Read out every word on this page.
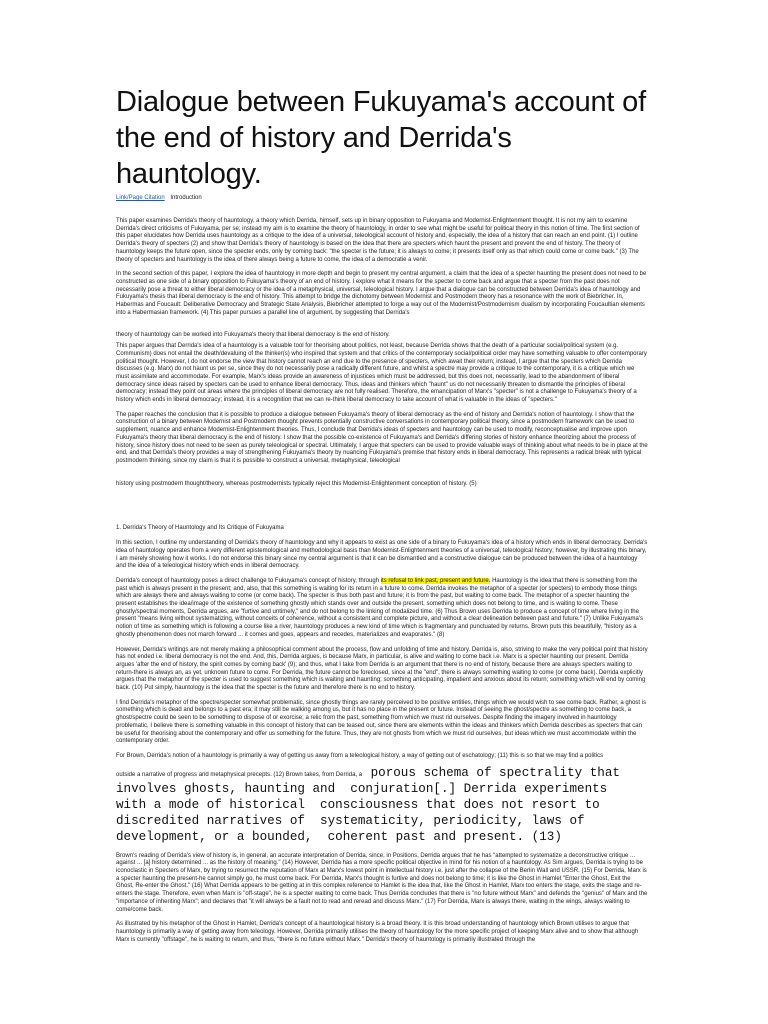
Dialogue between Fukuyama's account of the end of history and Derrida's hauntology.
Link/Page Citation Introduction

This paper examines Derrida's theory of hauntology, a theory which Derrida, himself, sets up in binary opposition to Fukuyama and Modernist-Enlightenment thought. It is not my aim to examine Derrida's direct criticisms of Fukuyama, per se; instead my aim is to examine the theory of hauntology, in order to see what might be useful for political theory in this notion of time. The first section of this paper elucidates how Derrida uses hauntology as a critique to the idea of a universal, teleological account of history and, especially, the idea of a history that can reach an end point. (1) I outline Derrida's theory of specters (2) and show that Derrida's theory of hauntology is based on the idea that there are specters which haunt the present and prevent the end of history. The theory of hauntology keeps the future open, since the specter ends, only by coming back: "the specter is the future; it is always to come; it presents itself only as that which could come or come back." (3) The theory of specters and hauntology is the idea of there always being a future to come, the idea of a democratie a venir.

In the second section of this paper, I explore the idea of hauntology in more depth and begin to present my central argument, a claim that the idea of a specter haunting the present does not need to be constructed as one side of a binary opposition to Fukuyama's theory of an end of history. I explore what it means for the specter to come back and argue that a specter from the past does not necessarily pose a threat to either liberal democracy or the idea of a metaphysical, universal, teleological history. I argue that a dialogue can be constructed between Derrida's idea of hauntology and Fukuyama's thesis that liberal democracy is the end of history. This attempt to bridge the dichotomy between Modernist and Postmodern theory has a resonance with the work of Biebricher. In, Habermas and Foucault: Deliberative Democracy and Strategic State Analysis, Biebricher attempted to forge a way out of the Modernist/Postmodernism dualism by incorporating Foucaultian elements into a Habermasian framework. (4) This paper pursues a parallel line of argument, by suggesting that Derrida's

theory of hauntology can be worked into Fukuyama's theory that liberal democracy is the end of history.

This paper argues that Derrida's idea of a hauntology is a valuable tool for theorising about politics, not least, because Derrida shows that the death of a particular social/political system (e.g. Communism) does not entail the death/devaluing of the thinker(s) who inspired that system and that critics of the contemporary social/political order may have something valuable to offer contemporary political thought. However, I do not endorse the view that history cannot reach an end due to the presence of specters, which await their return; instead, I argue that the specters which Derrida discusses (e.g. Marx) do not haunt us per se, since they do not necessarily pose a radically different future, and whilst a spectre may provide a critique to the contemporary, it is a critique which we must assimilate and accommodate. For example, Marx's ideas provide an awareness of injustices which must be addressed, but this does not, necessarily, lead to the abandonment of liberal democracy since ideas raised by specters can be used to enhance liberal democracy. Thus, ideas and thinkers which "haunt" us do not necessarily threaten to dismantle the principles of liberal democracy; instead they point out areas where the principles of liberal democracy are not fully realised. Therefore, the emancipation of Marx's "specter" is not a challenge to Fukuyama's theory of a history which ends in liberal democracy; instead, it is a recognition that we can re-think liberal democracy to take account of what is valuable in the ideas of "specters."

The paper reaches the conclusion that it is possible to produce a dialogue between Fukuyama's theory of liberal democracy as the end of history and Derrida's notion of hauntology. I show that the construction of a binary between Modernist and Postmodern thought prevents potentially constructive conversations in contemporary political theory, since a postmodern framework can be used to supplement, nuance and enhance Modernist-Enlightenment theories. Thus, I conclude that Derrida's ideas of specters and hauntology can be used to modify, reconceptualise and improve upon Fukuyama's theory that liberal democracy is the end of history. I show that the possible co-existence of Fukuyama's and Derrida's differing stories of history enhance theorizing about the process of history, since history does not need to be seen as purely teleological or spectral. Ultimately, I argue that specters can be used to provide valuable ways of thinking about what needs to be in place at the end, and that Derrida's theory provides a way of strengthening Fukuyama's theory by nuancing Fukuyama's premise that history ends in liberal democracy. This represents a radical break with typical postmodern thinking, since my claim is that it is possible to construct a universal, metaphysical, teleological

history using postmodern thought/theory, whereas postmodernists typically reject this Modernist-Enlightenment conception of history. (5)

1. Derrida's Theory of Hauntology and Its Critique of Fukuyama

In this section, I outline my understanding of Derrida's theory of hauntology and why it appears to exist as one side of a binary to Fukuyama's idea of a history which ends in liberal democracy. Derrida's idea of hauntology operates from a very different epistemological and methodological basis than Modernist-Enlightenment theories of a universal, teleological history; however, by illustrating this binary, I am merely showing how it works. I do not endorse this binary since my central argument is that it can be dismantled and a constructive dialogue can be produced between the idea of a hauntology and the idea of a teleological history which ends in liberal democracy.

Derrida's concept of hauntology poses a direct challenge to Fukuyama's concept of history, through its refusal to link past, present and future. Hauntology is the idea that there is something from the past which is always present in the present; and, also, that this something is waiting for its return in a future to come. Derrida invokes the metaphor of a specter (or specters) to embody those things which are always there and always waiting to come (or come back). The specter is thus both past and future; it is from the past, but waiting to come back. The metaphor of a specter haunting the present establishes the idea/image of the existence of something ghostly which stands over and outside the present, something which does not belong to time, and is waiting to come. These ghostly/spectral moments, Derrida argues, are "furtive and untimely," and do not belong to the linking of modalized time. (6) Thus Brown uses Derrida to produce a concept of time where living in the present "means living without systematizing, without conceits of coherence, without a consistent and complete picture, and without a clear delineation between past and future." (7) Unlike Fukuyama's notion of time as something which is following a course like a river, hauntology produces a new kind of time which is fragmentary and punctuated by returns. Brown puts this beautifully, "history as a ghostly phenomenon does not march forward ... it comes and goes, appears and recedes, materializes and evaporates." (8)

However, Derrida's writings are not merely making a philosophical comment about the process, flow and unfolding of time and history. Derrida is, also, striving to make the very political point that history has not ended i.e. liberal democracy is not the end. And, this, Derrida argues, is because Marx, in particular, is alive and waiting to come back i.e. Marx is a specter haunting our present. Derrida argues 'after the end of history, the spirit comes by coming back' (9); and thus, what I take from Derrida is an argument that there is no end of history, because there are always specters waiting to return-there is always an, as yet, unknown future to come. For Derrida, the future cannot be foreclosed, since at the "end", there is always something waiting to come (or come back). Derrida explicitly argues that the metaphor of the specter is used to suggest something which is waiting and haunting; something anticipating, impatient and anxious about its return; something which will end by coming back. (10) Put simply, hauntology is the idea that the specter is the future and therefore there is no end to history.

I find Derrida's metaphor of the spectre/specter somewhat problematic, since ghostly things are rarely perceived to be positive entities, things which we would wish to see come back. Rather, a ghost is something which is dead and belongs to a past era; it may still be walking among us, but it has no place in the present or future. Instead of seeing the ghost/spectre as something to come back, a ghost/spectre could be seen to be something to dispose of or exorcise; a relic from the past, something from which we must rid ourselves. Despite finding the imagery involved in hauntology problematic, I believe there is something valuable in this concept of history that can be teased out, since there are elements within the ideas and thinkers which Derrida describes as specters that can be useful for theorising about the contemporary and offer us something for the future. Thus, they are not ghosts from which we must rid ourselves, but ideas which we must accommodate within the contemporary order.

For Brown, Derrida's notion of a hauntology is primarily a way of getting us away from a teleological history, a way of getting out of eschatology; (11) this is so that we may find a politics

outside a narrative of progress and metaphysical precepts. (12) Brown takes, from Derrida, a porous schema of spectrality that
involves ghosts, haunting and  conjuration[.] Derrida experiments
with a mode of historical  consciousness that does not resort to
discredited narratives of  systematicity, periodicity, laws of
development, or a bounded,  coherent past and present. (13)

Brown's reading of Derrida's view of history is, in general, an accurate interpretation of Derrida, since, in Positions, Derrida argues that he has "attempted to systematize a deconstructive critique ... against ... [a] history determined ... as the history of meaning." (14) However, Derrida has a more specific political objective in mind for his notion of a hauntology. As Sim argues, Derrida is trying to be iconoclastic in Specters of Marx, by trying to resurrect the reputation of Marx at Marx's lowest point in intellectual history i.e. just after the collapse of the Berlin Wall and USSR. (15) For Derrida, Marx is a specter haunting the present-he cannot simply go, he must come back. For Derrida, Marx's thought is furtive and does not belong to time; it is like the Ghost in Hamlet "Enter the Ghost, Exit the Ghost, Re-enter the Ghost." (16) What Derrida appears to be getting at in this complex reference to Hamlet is the idea that, like the Ghost in Hamlet, Marx too enters the stage, exits the stage and re-enters the stage. Therefore, even when Marx is "off-stage", he is a specter waiting to come back. Thus Derrida concludes that there is "no future without Marx" and defends the "genius" of Marx and the "importance of inheriting Marx"; and declares that "it will always be a fault not to read and reread and discuss Marx." (17) For Derrida, Marx is always there, waiting in the wings, always waiting to come/come back.

As illustrated by his metaphor of the Ghost in Hamlet, Derrida's concept of a hauntological history is a broad theory. It is this broad understanding of hauntology which Brown utilises to argue that hauntology is primarily a way of getting away from teleology. However, Derrida primarily utilises the theory of hauntology for the more specific project of keeping Marx alive and to show that although Marx is currently "offstage", he is waiting to return, and thus, "there is no future without Marx." Derrida's theory of hauntology is primarily illustrated through the
